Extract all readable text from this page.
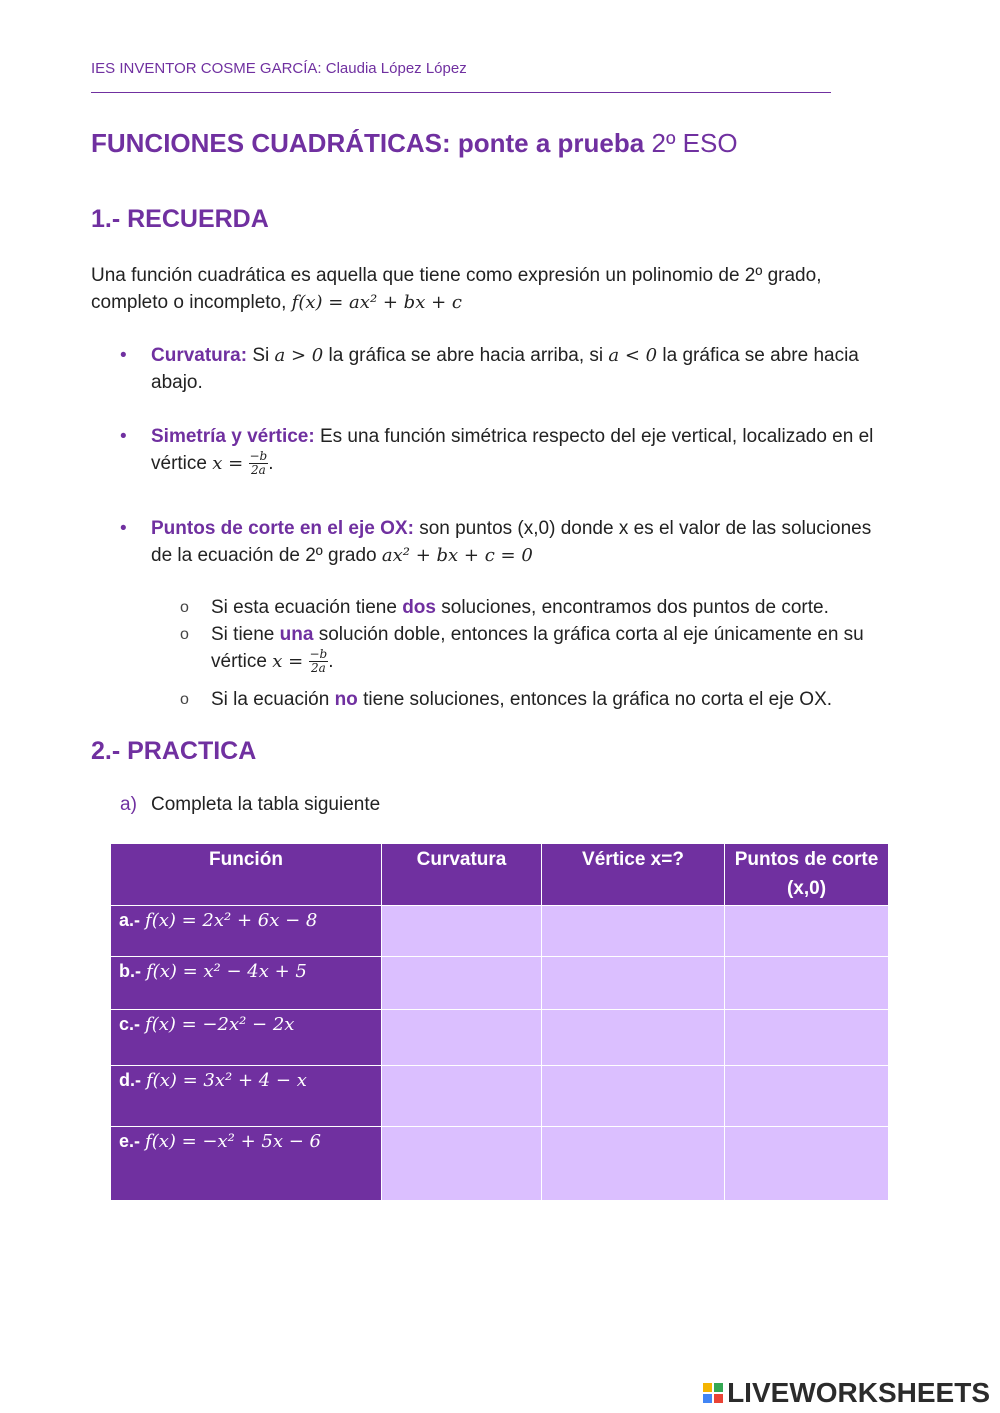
IES INVENTOR COSME GARCÍA: Claudia López López
FUNCIONES CUADRÁTICAS: ponte a prueba 2º ESO
1.- RECUERDA
Una función cuadrática es aquella que tiene como expresión un polinomio de 2º grado,
completo o incompleto, f(x) = ax² + bx + c
• Curvatura: Si a > 0 la gráfica se abre hacia arriba, si a < 0 la gráfica se abre hacia abajo.
• Simetría y vértice: Es una función simétrica respecto del eje vertical, localizado en el
vértice $x = \frac{-b}{2a}$ .
• Puntos de corte en el eje OX: son puntos (x,0) donde x es el valor de las soluciones
de la ecuación de 2º grado ax² + bx + c = 0
o Si esta ecuación tiene dos soluciones, encontramos dos puntos de corte.
o Si tiene una solución doble, entonces la gráfica corta al eje únicamente en su
vértice $x = \frac{-b}{2a}$ .
o Si la ecuación no tiene soluciones, entonces la gráfica no corta el eje OX.
2.- PRACTICA
a) Completa la tabla siguiente
Función	Curvatura	Vértice x=?	Puntos de corte (x,0)
a.- f(x) = 2x² + 6x − 8			
b.- f(x) = x² − 4x + 5			
c.- f(x) = −2x² − 2x			
d.- f(x) = 3x² + 4 − x			
e.- f(x) = −x² + 5x − 6			
LIVEWORKSHEETS
